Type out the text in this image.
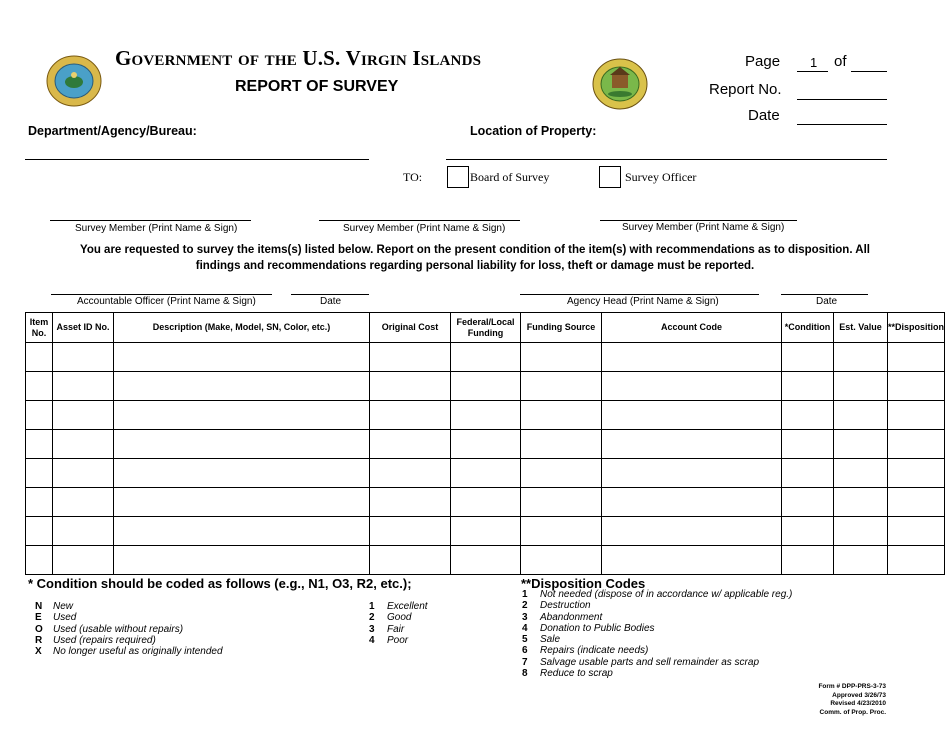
Government of the U.S. Virgin Islands
REPORT OF SURVEY
Page 1 of
Report No.
Date
Department/Agency/Bureau:	Location of Property:
TO:	Board of Survey	Survey Officer
Survey Member (Print Name & Sign)	Survey Member (Print Name & Sign)	Survey Member (Print Name & Sign)
You are requested to survey the items(s) listed below. Report on the present condition of the item(s) with recommendations as to disposition. All findings and recommendations regarding personal liability for loss, theft or damage must be reported.
Accountable Officer (Print Name & Sign)	Date	Agency Head (Print Name & Sign)	Date
Item No.	Asset ID No.	Description (Make, Model, SN, Color, etc.)	Original Cost	Federal/Local Funding	Funding Source	Account Code	*Condition	Est. Value	**Disposition

* Condition should be coded as follows (e.g., N1, O3, R2, etc.);
N New
E Used
O Used (usable without repairs)
R Used (repairs required)
X No longer useful as originally intended
1 Excellent
2 Good
3 Fair
4 Poor
**Disposition Codes
1 Not needed (dispose of in accordance w/ applicable reg.)
2 Destruction
3 Abandonment
4 Donation to Public Bodies
5 Sale
6 Repairs (indicate needs)
7 Salvage usable parts and sell remainder as scrap
8 Reduce to scrap
Form # DPP-PRS-3-73
Approved 3/26/73
Revised 4/23/2010
Comm. of Prop. Proc.
